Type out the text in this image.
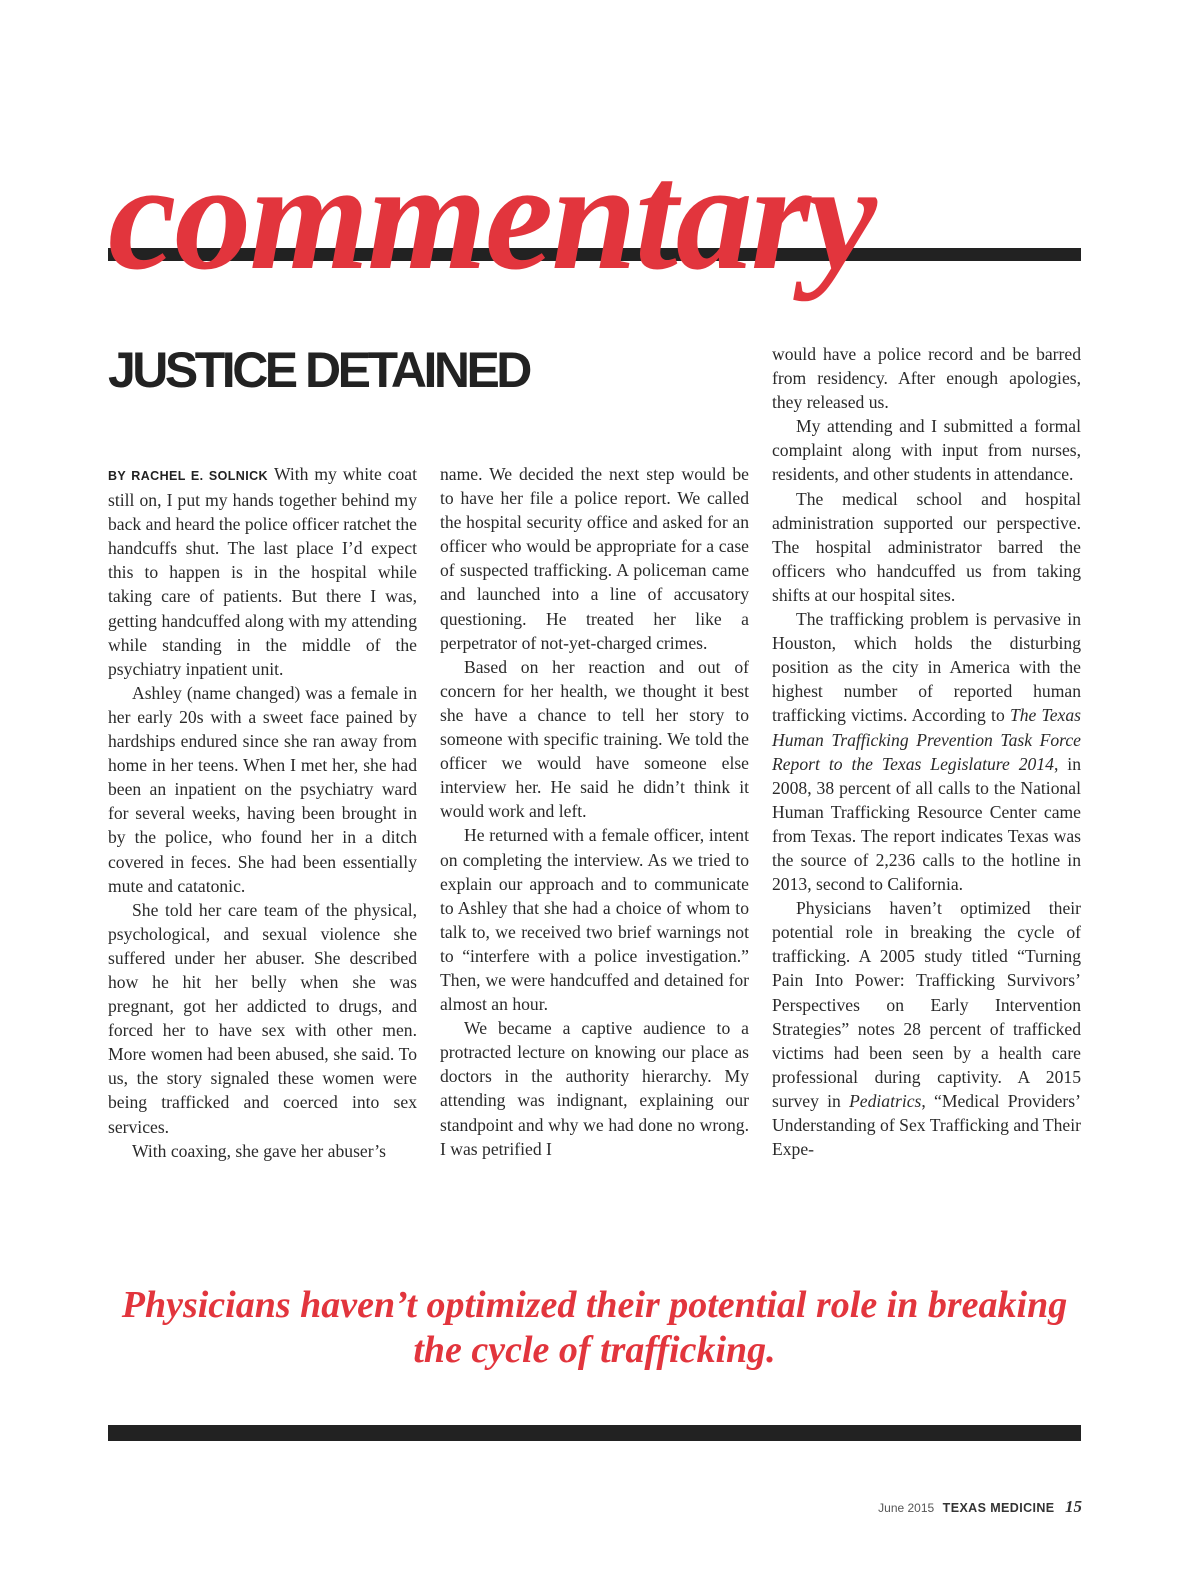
commentary
JUSTICE DETAINED

BY RACHEL E. SOLNICK With my white coat still on, I put my hands together behind my back and heard the police officer ratchet the handcuffs shut. The last place I’d expect this to happen is in the hospital while taking care of patients. But there I was, getting handcuffed along with my attending while standing in the middle of the psychiatry inpatient unit.

Ashley (name changed) was a female in her early 20s with a sweet face pained by hardships endured since she ran away from home in her teens. When I met her, she had been an inpatient on the psychiatry ward for several weeks, having been brought in by the police, who found her in a ditch covered in feces. She had been essentially mute and catatonic.

She told her care team of the physical, psychological, and sexual violence she suffered under her abuser. She described how he hit her belly when she was pregnant, got her addicted to drugs, and forced her to have sex with other men. More women had been abused, she said. To us, the story signaled these women were being trafficked and coerced into sex services.

With coaxing, she gave her abuser’s

name. We decided the next step would be to have her file a police report. We called the hospital security office and asked for an officer who would be appropriate for a case of suspected trafficking. A policeman came and launched into a line of accusatory questioning. He treated her like a perpetrator of not-yet-charged crimes.

Based on her reaction and out of concern for her health, we thought it best she have a chance to tell her story to someone with specific training. We told the officer we would have someone else interview her. He said he didn’t think it would work and left.

He returned with a female officer, intent on completing the interview. As we tried to explain our approach and to communicate to Ashley that she had a choice of whom to talk to, we received two brief warnings not to “interfere with a police investigation.” Then, we were handcuffed and detained for almost an hour.

We became a captive audience to a protracted lecture on knowing our place as doctors in the authority hierarchy. My attending was indignant, explaining our standpoint and why we had done no wrong. I was petrified I

would have a police record and be barred from residency. After enough apologies, they released us.

My attending and I submitted a formal complaint along with input from nurses, residents, and other students in attendance.

The medical school and hospital administration supported our perspective. The hospital administrator barred the officers who handcuffed us from taking shifts at our hospital sites.

The trafficking problem is pervasive in Houston, which holds the disturbing position as the city in America with the highest number of reported human trafficking victims. According to The Texas Human Trafficking Prevention Task Force Report to the Texas Legislature 2014, in 2008, 38 percent of all calls to the National Human Trafficking Resource Center came from Texas. The report indicates Texas was the source of 2,236 calls to the hotline in 2013, second to California.

Physicians haven’t optimized their potential role in breaking the cycle of trafficking. A 2005 study titled “Turning Pain Into Power: Trafficking Survivors’ Perspectives on Early Intervention Strategies” notes 28 percent of trafficked victims had been seen by a health care professional during captivity. A 2015 survey in Pediatrics, “Medical Providers’ Understanding of Sex Trafficking and Their Expe-

Physicians haven’t optimized their potential role in breaking the cycle of trafficking.
June 2015 TEXAS MEDICINE 15
